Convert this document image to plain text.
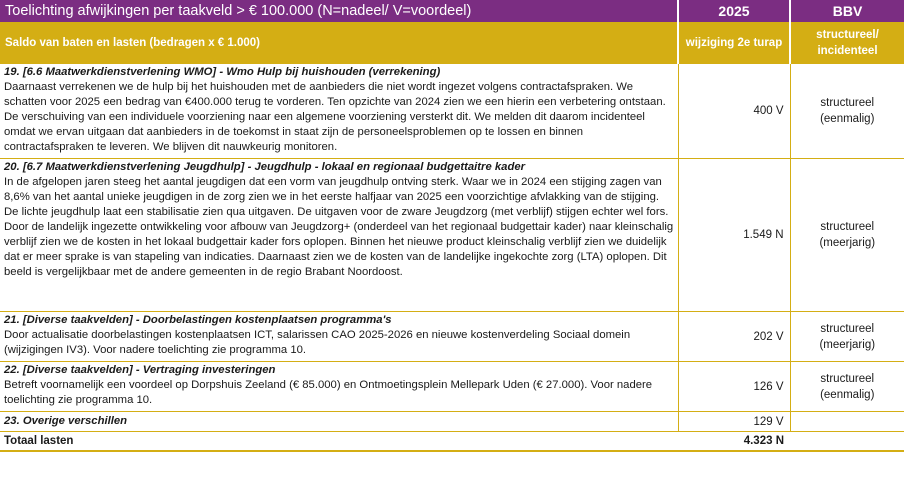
Toelichting afwijkingen per taakveld > € 100.000 (N=nadeel/ V=voordeel)	2025	BBV
Saldo van baten en lasten (bedragen x € 1.000)	wijziging 2e turap	structureel/
incidenteel

19. [6.6 Maatwerkdienstverlening WMO] - Wmo Hulp bij huishouden (verrekening)
Daarnaast verrekenen we de hulp bij het huishouden met de aanbieders die niet wordt ingezet volgens contractafspraken. We schatten voor 2025 een bedrag van €400.000 terug te vorderen. Ten opzichte van 2024 zien we een hierin een verbetering ontstaan. De verschuiving van een individuele voorziening naar een algemene voorziening versterkt dit. We melden dit daarom incidenteel omdat we ervan uitgaan dat aanbieders in de toekomst in staat zijn de personeelsproblemen op te lossen en binnen contractafspraken te leveren. We blijven dit nauwkeurig monitoren.	400 V	structureel
(eenmalig)

20. [6.7 Maatwerkdienstverlening Jeugdhulp] - Jeugdhulp - lokaal en regionaal budgettaitre kader
In de afgelopen jaren steeg het aantal jeugdigen dat een vorm van jeugdhulp ontving sterk. Waar we in 2024 een stijging zagen van 8,6% van het aantal unieke jeugdigen in de zorg zien we in het eerste halfjaar van 2025 een voorzichtige afvlakking van de stijging. De lichte jeugdhulp laat een stabilisatie zien qua uitgaven. De uitgaven voor de zware Jeugdzorg (met verblijf) stijgen echter wel fors. Door de landelijk ingezette ontwikkeling voor afbouw van Jeugdzorg+ (onderdeel van het regionaal budgettair kader) naar kleinschalig verblijf zien we de kosten in het lokaal budgettair kader fors oplopen. Binnen het nieuwe product kleinschalig verblijf zien we duidelijk dat er meer sprake is van stapeling van indicaties. Daarnaast zien we de kosten van de landelijke ingekochte zorg (LTA) oplopen. Dit beeld is vergelijkbaar met de andere gemeenten in de regio Brabant Noordoost.	1.549 N	structureel
(meerjarig)

21. [Diverse taakvelden] - Doorbelastingen kostenplaatsen programma's
Door actualisatie doorbelastingen kostenplaatsen ICT, salarissen CAO 2025-2026 en nieuwe kostenverdeling Sociaal domein (wijzigingen IV3). Voor nadere toelichting zie programma 10.	202 V	structureel
(meerjarig)

22. [Diverse taakvelden] - Vertraging investeringen
Betreft voornamelijk een voordeel op Dorpshuis Zeeland (€ 85.000) en Ontmoetingsplein Mellepark Uden (€ 27.000). Voor nadere toelichting zie programma 10.	126 V	structureel
(eenmalig)

23. Overige verschillen	129 V	
Totaal lasten	4.323 N	
